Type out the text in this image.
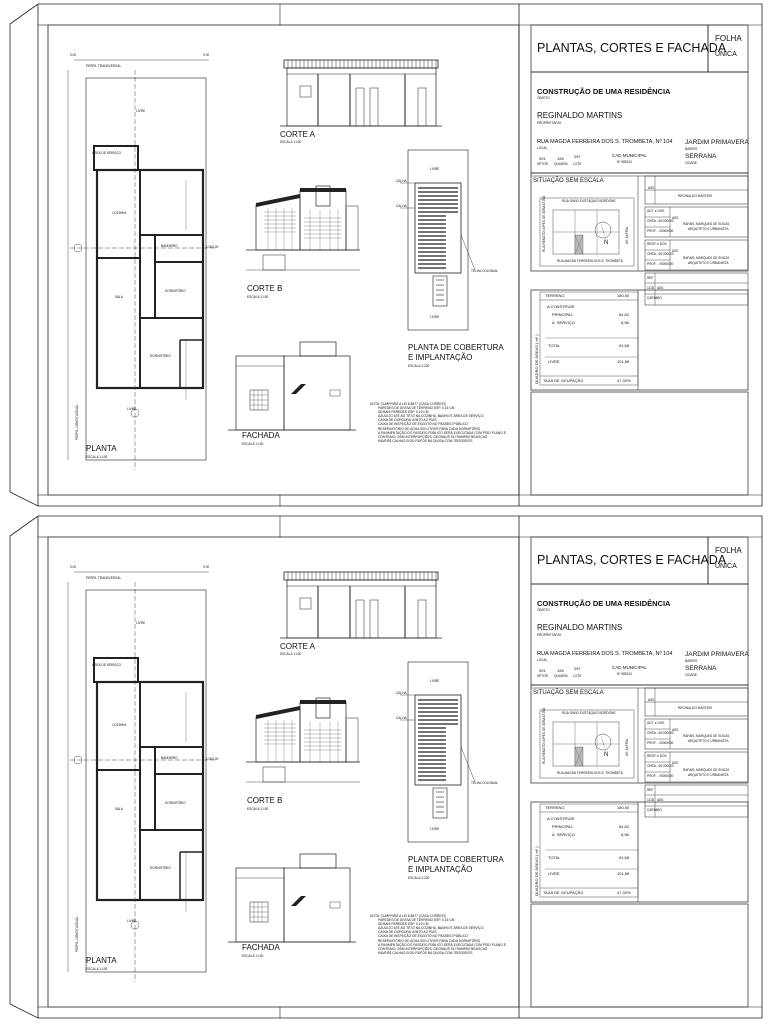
PLANTAS, CORTES E FACHADA
FOLHA
ÚNICA
CONSTRUÇÃO DE UMA RESIDÊNCIA
OBJETO
REGINALDO MARTINS
PROPRIETÁRIO
RUA MAGDA FERREIRA DOS S. TROMBETA, Nº 104
LOCAL
JARDIM PRIMAVERA
BAIRRO
SERRANA
CIDADE
001
SETOR
155
QUADRA
257
LOTE
CAD MUNICIPAL
Nº 985310
SITUAÇÃO SEM ESCALA
RUA SAVIO EUSTÁQUIO BORDONE
RUA MAGDA FERREIRA DOS S. TROMBETA
RUA RENATO LOPES DE SEBASTIÃO	AV. SAFIRA
N
ASS
REGINALDO MARTINS
AUT. e DOS
CREA - 06.000000
PROF. - 00000000
ASS
RAFAEL MARQUES DE SOUZA
ARQUITETO E URBANISTA
RESP. e DOS
CREA - 06.000000
PROF. - 00000000
ASS
RAFAEL MARQUES DE SOUZA
ARQUITETO E URBANISTA
REF
COD ASS
CARIMBO
QUADRO DE ÁREAS ( m² )
TERRENO	180,00
A CONSTRUIR
PRINCIPAL	84,62
A. SERVIÇO	6,96
TOTAL	91,58
LIVRE	101,58
TAXA DE OCUPAÇÃO	47,32%
CORTE A
ESCALA 1:100
CORTE B
ESCALA 1:100
FACHADA
ESCALA 1:100
PLANTA
ESCALA 1:100
PLANTA DE COBERTURA
E IMPLANTAÇÃO
ESCALA 1:200
PERFIL TRANSVERSAL
PERFIL LONGITUDINAL
0.00	0.00
1.000,00
LIVRE
ÁREA DE SERVIÇO
COZINHA
SALA
BANHEIRO
DORMITÓRIO
DORMITÓRIO
LIVRE
LIVRE
LIVRE
CALHA
CALHA
TELHA COLONIAL
NOTA: CUMPRIRÁ A LEI 8.8677 (CASA CORREIO)
PAREDES DE DIVISA DE TERRENO ESP. 0,15 CM
DEMAIS PAREDES ESP. 0,15 CM
AZULEJO ATÉ AO TETO NA COZINHA, BANHO E ÁREA DE SERVIÇO
CAIXA DE GORDURA JUNTO AO PIAS
CAIXA DE INSPEÇÃO DE ESGOTO NO PASSEIO PÚBLICO
RESERVATÓRIO DE ÁGUA 500 LITROS PARA CADA DORMITÓRIO
A PAVIMENTAÇÃO DO PASSEIO PÚBLICO SERÁ EXECUTADA COM PISO PLANO E CONTÍNUO, SEM INTERRUPÇÕES, DEGRAUS OU RAMPAS BRUSCAS
HAVERÁ CALHAS E/OU RUFOS NA DIVISA COM TERCEIROS
PLANTAS, CORTES E FACHADA
FOLHA
ÚNICA
CONSTRUÇÃO DE UMA RESIDÊNCIA
OBJETO
REGINALDO MARTINS
PROPRIETÁRIO
RUA MAGDA FERREIRA DOS S. TROMBETA, Nº 104
LOCAL
JARDIM PRIMAVERA
BAIRRO
SERRANA
CIDADE
001
SETOR
155
QUADRA
257
LOTE
CAD MUNICIPAL
Nº 985310
SITUAÇÃO SEM ESCALA
RUA SAVIO EUSTÁQUIO BORDONE
RUA MAGDA FERREIRA DOS S. TROMBETA
RUA RENATO LOPES DE SEBASTIÃO	AV. SAFIRA
N
ASS
REGINALDO MARTINS
AUT. e DOS
CREA - 06.000000
PROF. - 00000000
ASS
RAFAEL MARQUES DE SOUZA
ARQUITETO E URBANISTA
RESP. e DOS
CREA - 06.000000
PROF. - 00000000
ASS
RAFAEL MARQUES DE SOUZA
ARQUITETO E URBANISTA
REF
COD ASS
CARIMBO
QUADRO DE ÁREAS ( m² )
TERRENO	180,00
A CONSTRUIR
PRINCIPAL	84,62
A. SERVIÇO	6,96
TOTAL	91,58
LIVRE	101,58
TAXA DE OCUPAÇÃO	47,32%
CORTE A
ESCALA 1:100
CORTE B
ESCALA 1:100
FACHADA
ESCALA 1:100
PLANTA
ESCALA 1:100
PLANTA DE COBERTURA
E IMPLANTAÇÃO
ESCALA 1:200
PERFIL TRANSVERSAL
PERFIL LONGITUDINAL
0.00	0.00
1.000,00
LIVRE
ÁREA DE SERVIÇO
COZINHA
SALA
BANHEIRO
DORMITÓRIO
DORMITÓRIO
LIVRE
LIVRE
LIVRE
CALHA
CALHA
TELHA COLONIAL
NOTA: CUMPRIRÁ A LEI 8.8677 (CASA CORREIO)
PAREDES DE DIVISA DE TERRENO ESP. 0,15 CM
DEMAIS PAREDES ESP. 0,15 CM
AZULEJO ATÉ AO TETO NA COZINHA, BANHO E ÁREA DE SERVIÇO
CAIXA DE GORDURA JUNTO AO PIAS
CAIXA DE INSPEÇÃO DE ESGOTO NO PASSEIO PÚBLICO
RESERVATÓRIO DE ÁGUA 500 LITROS PARA CADA DORMITÓRIO
A PAVIMENTAÇÃO DO PASSEIO PÚBLICO SERÁ EXECUTADA COM PISO PLANO E CONTÍNUO, SEM INTERRUPÇÕES, DEGRAUS OU RAMPAS BRUSCAS
HAVERÁ CALHAS E/OU RUFOS NA DIVISA COM TERCEIROS
